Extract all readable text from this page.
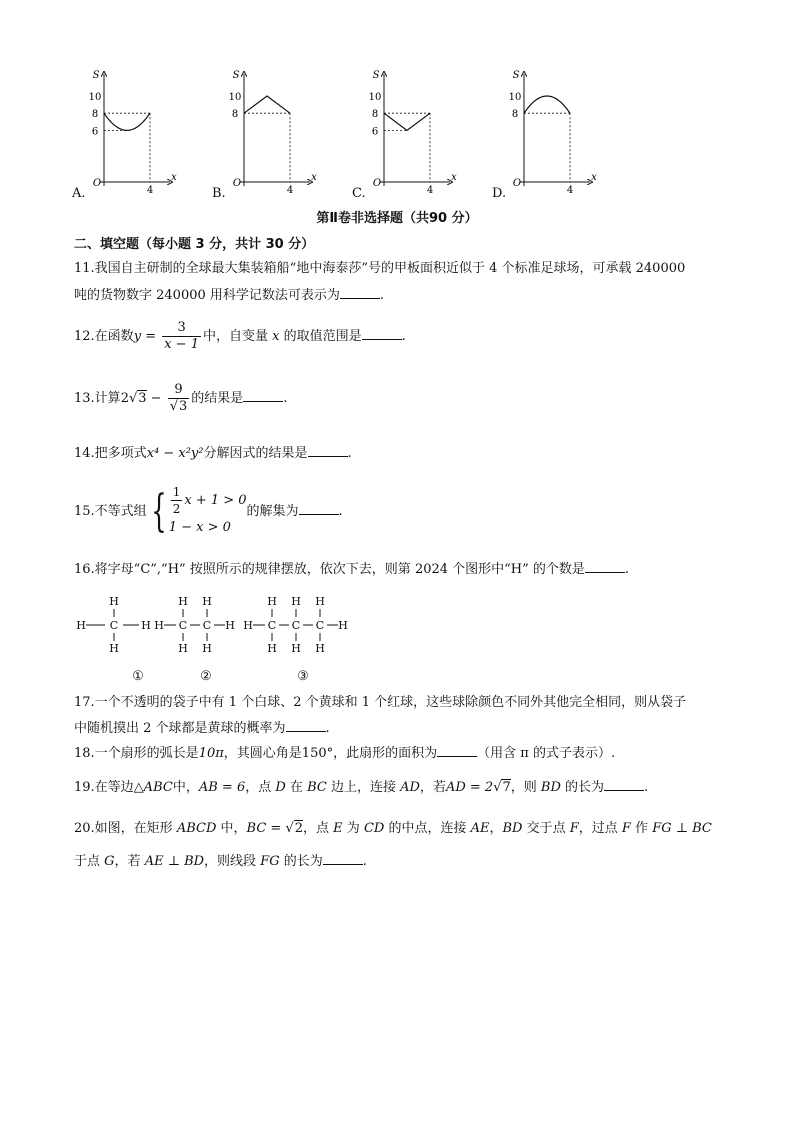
S
x
O
10
8
6
4
S
x
O
10
8
4
S
x
O
10
8
6
4
S
x
O
10
8
4
A.	B.	C.	D.
第Ⅱ卷非选择题（共90 分）
二、填空题（每小题 3 分，共计 30 分）
11.我国自主研制的全球最大集装箱船“地中海泰莎”号的甲板面积近似于 4 个标准足球场，可承载 240000
吨的货物数字 240000 用科学记数法可表示为	.
12.在函数$y = \frac{3}{x - 1}$ 中，自变量 x 的取值范围是	.
13.计算$2√3 - \frac{9}{√3}$ 的结果是	.
14.把多项式x⁴ − x²y²分解因式的结果是	.
15.不等式组{ $\frac{1}{2}$ x + 1 > 0
1 − x > 0
的解集为	.
16.将字母“C”,“H” 按照所示的规律摆放，依次下去，则第 2024 个图形中“H” 的个数是	.
H
H C H
H
①
H H
H C C H
H H
②
H H H
H C C C H
H H H
③
17.一个不透明的袋子中有 1 个白球、2 个黄球和 1 个红球，这些球除颜色不同外其他完全相同，则从袋子
中随机摸出 2 个球都是黄球的概率为	.
18.一个扇形的弧长是10π，其圆心角是150°，此扇形的面积为	（用含 π 的式子表示）.
19.在等边△ABC中，AB = 6，点 D 在 BC 边上，连接 AD，若AD = 2√7，则 BD 的长为	.
20.如图，在矩形 ABCD 中，BC = √2，点 E 为 CD 的中点，连接 AE，BD 交于点 F，过点 F 作 FG ⊥ BC
于点 G，若 AE ⊥ BD，则线段 FG 的长为	.
